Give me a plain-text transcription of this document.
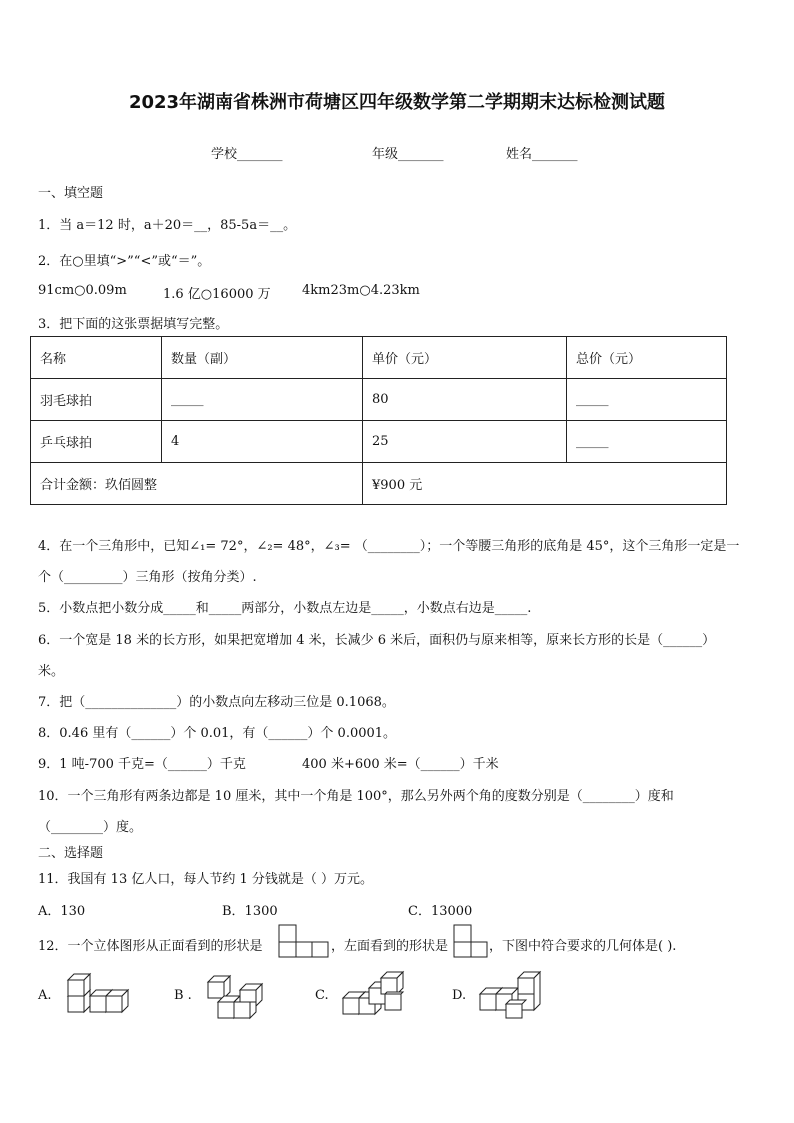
2023年湖南省株洲市荷塘区四年级数学第二学期期末达标检测试题
学校_______	年级_______	姓名_______
一、填空题
1．当 a＝12 时，a＋20＝__，85-5a＝__。
2．在○里填“>”“<”或“＝”。
91cm○0.09m	1.6 亿○16000 万 4km23m○4.23km
3．把下面的这张票据填写完整。
名称	数量（副）	单价（元）	总价（元）
羽毛球拍	_____	80	_____
乒乓球拍	4	25	_____
合计金额：玖佰圆整		¥900 元	
4．在一个三角形中，已知∠₁= 72°，∠₂= 48°，∠₃= （________）；一个等腰三角形的底角是 45°，这个三角形一定是一
个（_________）三角形（按角分类）.
5．小数点把小数分成_____和_____两部分，小数点左边是_____，小数点右边是_____.
6．一个宽是 18 米的长方形，如果把宽增加 4 米，长减少 6 米后，面积仍与原来相等，原来长方形的长是（______）
米。
7．把（______________）的小数点向左移动三位是 0.1068。
8．0.46 里有（______）个 0.01，有（______）个 0.0001。
9．1 吨-700 千克=（______）千克	400 米+600 米=（______）千米
10．一个三角形有两条边都是 10 厘米，其中一个角是 100°，那么另外两个角的度数分别是（________）度和
（________）度。
二、选择题
11．我国有 13 亿人口，每人节约 1 分钱就是（ ）万元。
A．130	B．1300	C．13000
12．一个立体图形从正面看到的形状是	，左面看到的形状是	，下图中符合要求的几何体是( ).
A.	B .	C.	D.
